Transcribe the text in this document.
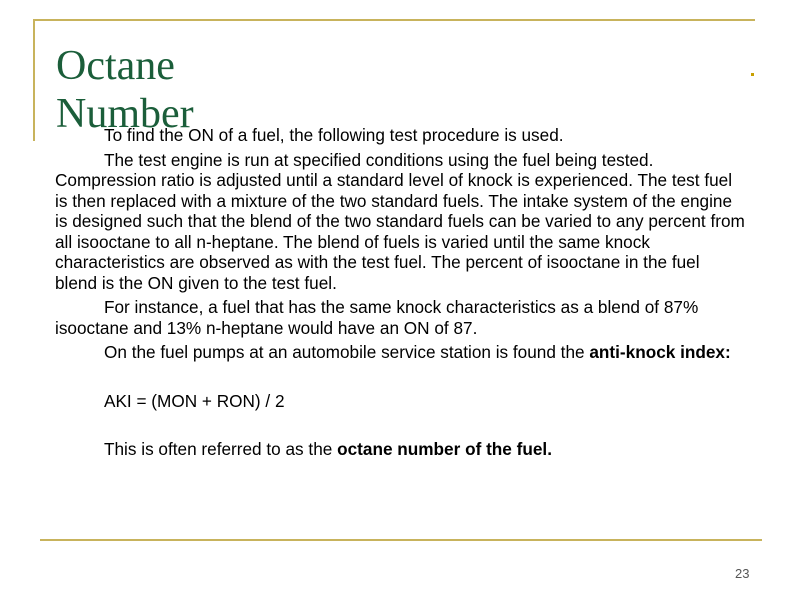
Octane
Number

To find the ON of a fuel, the following test procedure is used.

The test engine is run at specified conditions using the fuel being tested. Compression ratio is adjusted until a standard level of knock is experienced. The test fuel is then replaced with a mixture of the two standard fuels. The intake system of the engine is designed such that the blend of the two standard fuels can be varied to any percent from all isooctane to all n-heptane. The blend of fuels is varied until the same knock characteristics are observed as with the test fuel. The percent of isooctane in the fuel blend is the ON given to the test fuel.

For instance, a fuel that has the same knock characteristics as a blend of 87% isooctane and 13% n-heptane would have an ON of 87.

On the fuel pumps at an automobile service station is found the anti-knock index:

AKI = (MON + RON) / 2

This is often referred to as the octane number of the fuel.

23
